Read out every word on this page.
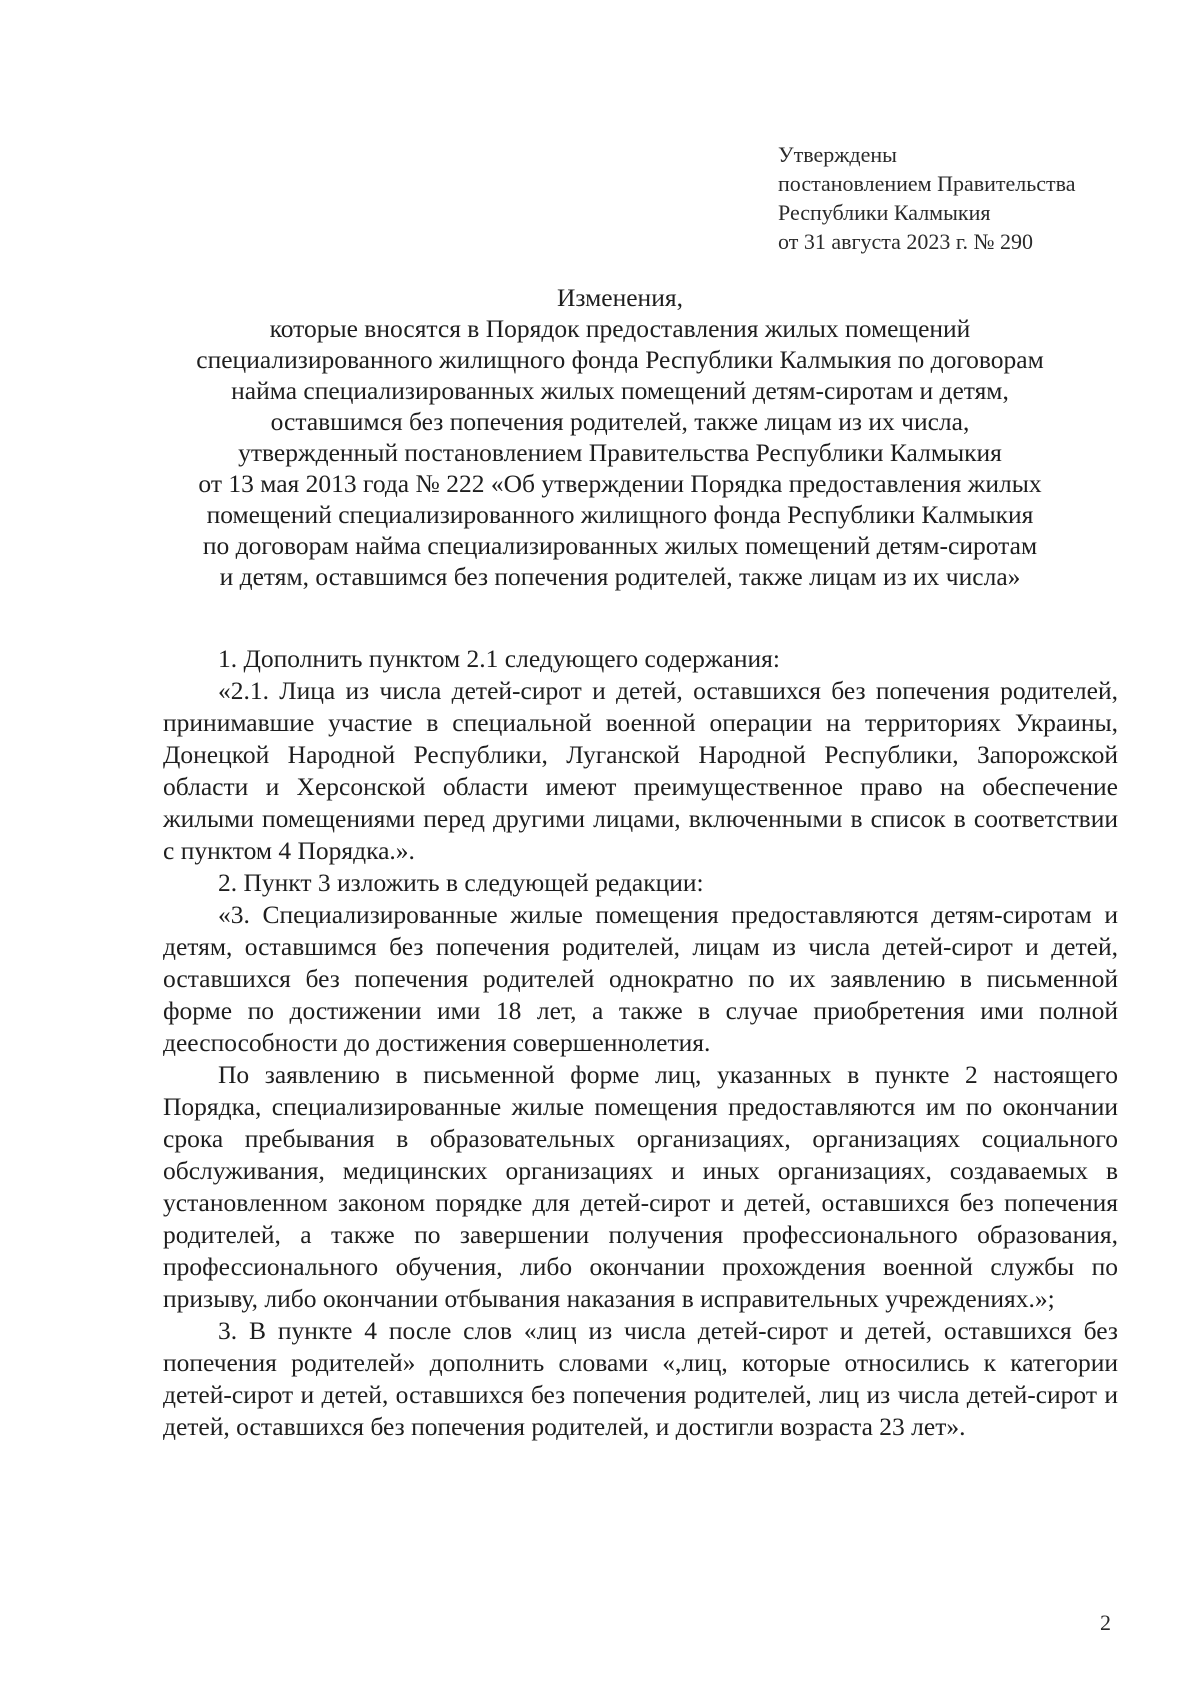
Утверждены
постановлением Правительства
Республики Калмыкия
от 31 августа 2023 г. № 290
Изменения,
которые вносятся в Порядок предоставления жилых помещений
специализированного жилищного фонда Республики Калмыкия по договорам
найма специализированных жилых помещений детям-сиротам и детям,
оставшимся без попечения родителей, также лицам из их числа,
утвержденный постановлением Правительства Республики Калмыкия
от 13 мая 2013 года № 222 «Об утверждении Порядка предоставления жилых
помещений специализированного жилищного фонда Республики Калмыкия
по договорам найма специализированных жилых помещений детям-сиротам
и детям, оставшимся без попечения родителей, также лицам из их числа»

1. Дополнить пунктом 2.1 следующего содержания:

«2.1. Лица из числа детей-сирот и детей, оставшихся без попечения родителей, принимавшие участие в специальной военной операции на территориях Украины, Донецкой Народной Республики, Луганской Народной Республики, Запорожской области и Херсонской области имеют преимущественное право на обеспечение жилыми помещениями перед другими лицами, включенными в список в соответствии с пунктом 4 Порядка.».

2. Пункт 3 изложить в следующей редакции:

«3. Специализированные жилые помещения предоставляются детям-сиротам и детям, оставшимся без попечения родителей, лицам из числа детей-сирот и детей, оставшихся без попечения родителей однократно по их заявлению в письменной форме по достижении ими 18 лет, а также в случае приобретения ими полной дееспособности до достижения совершеннолетия.

По заявлению в письменной форме лиц, указанных в пункте 2 настоящего Порядка, специализированные жилые помещения предоставляются им по окончании срока пребывания в образовательных организациях, организациях социального обслуживания, медицинских организациях и иных организациях, создаваемых в установленном законом порядке для детей-сирот и детей, оставшихся без попечения родителей, а также по завершении получения профессионального образования, профессионального обучения, либо окончании прохождения военной службы по призыву, либо окончании отбывания наказания в исправительных учреждениях.»;

3. В пункте 4 после слов «лиц из числа детей-сирот и детей, оставшихся без попечения родителей» дополнить словами «,лиц, которые относились к категории детей-сирот и детей, оставшихся без попечения родителей, лиц из числа детей-сирот и детей, оставшихся без попечения родителей, и достигли возраста 23 лет».

2
